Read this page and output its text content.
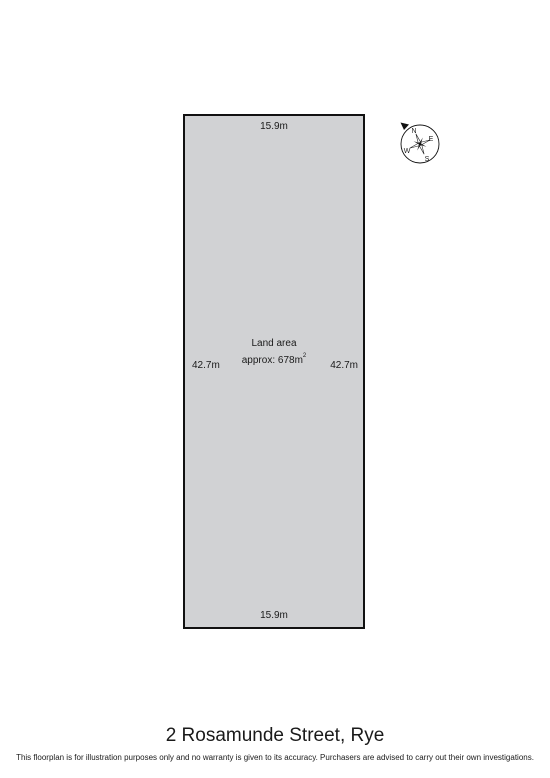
15.9m
42.7m
Land area
approx: $678m^2$
42.7m
15.9m
N
E
S
W
2 Rosamunde Street, Rye
This floorplan is for illustration purposes only and no warranty is given to its accuracy. Purchasers are advised to carry out their own investigations.
